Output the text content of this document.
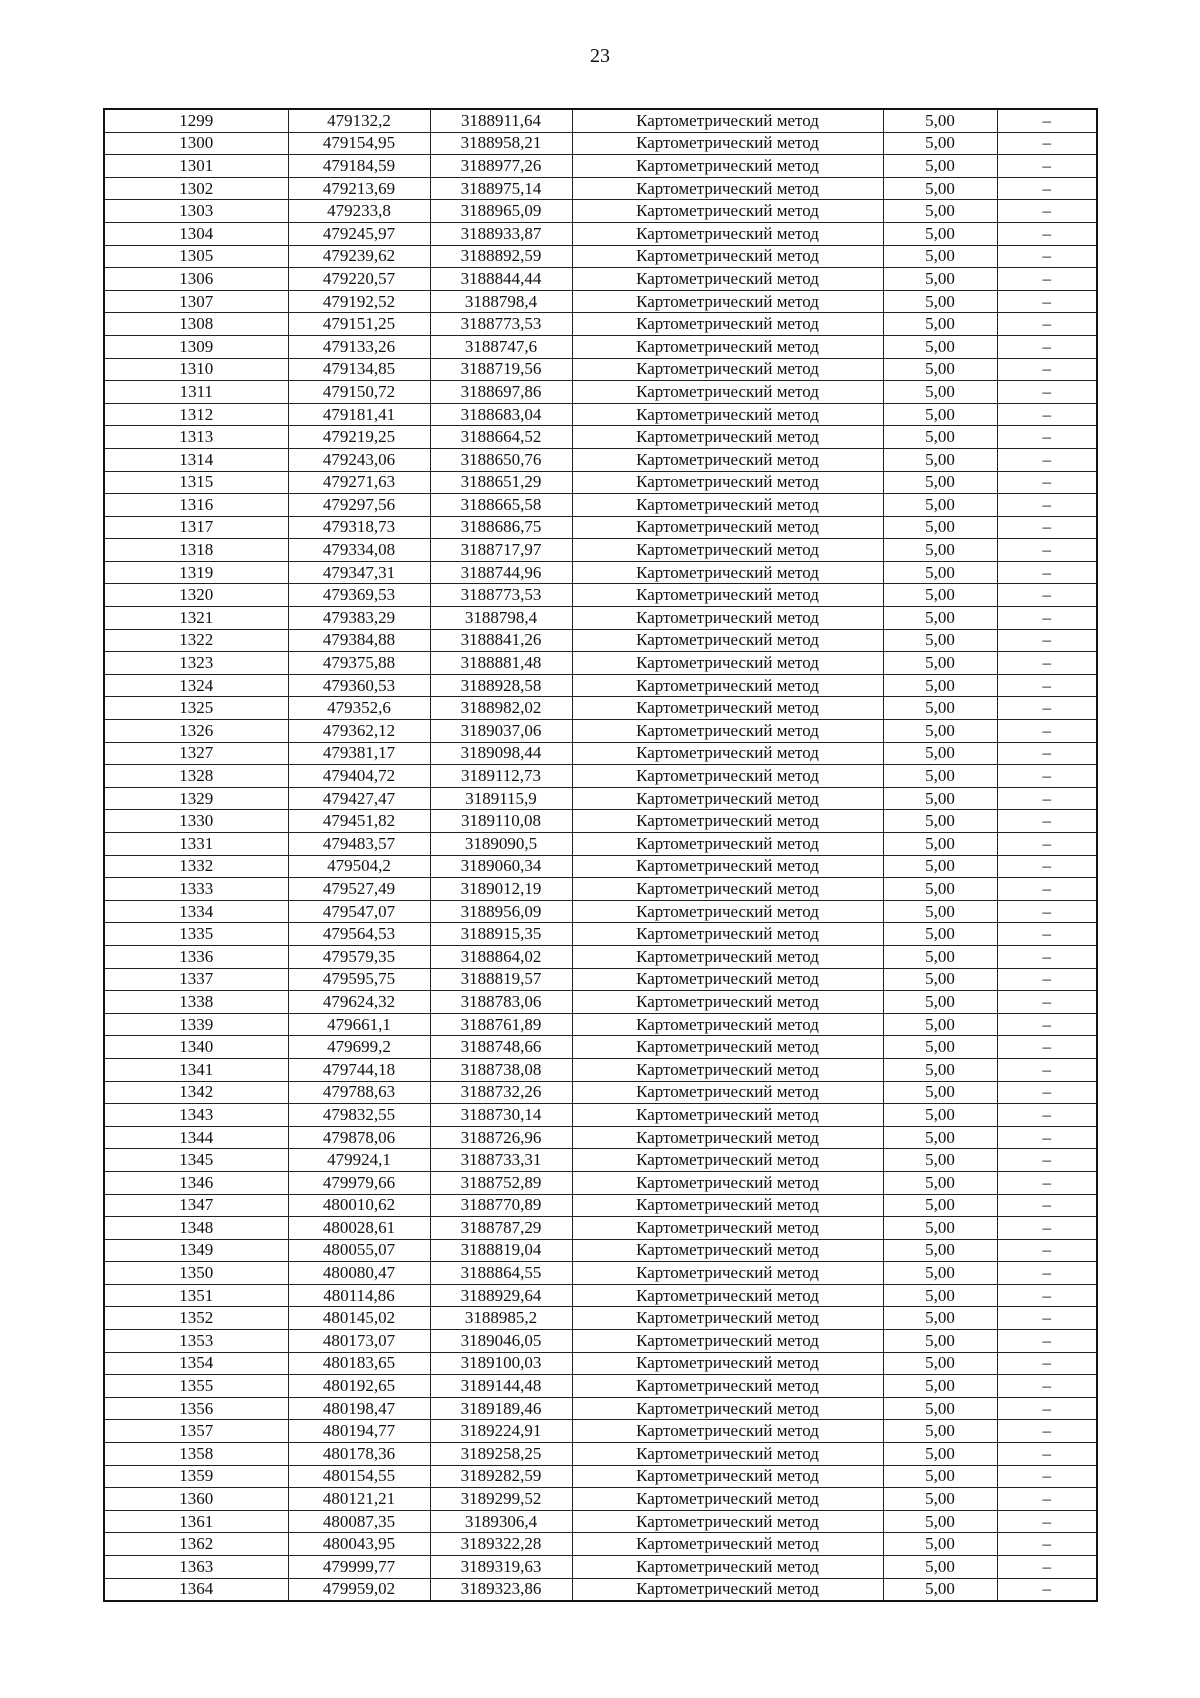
23
1299	479132,2	3188911,64	Картометрический метод	5,00	–
1300	479154,95	3188958,21	Картометрический метод	5,00	–
1301	479184,59	3188977,26	Картометрический метод	5,00	–
1302	479213,69	3188975,14	Картометрический метод	5,00	–
1303	479233,8	3188965,09	Картометрический метод	5,00	–
1304	479245,97	3188933,87	Картометрический метод	5,00	–
1305	479239,62	3188892,59	Картометрический метод	5,00	–
1306	479220,57	3188844,44	Картометрический метод	5,00	–
1307	479192,52	3188798,4	Картометрический метод	5,00	–
1308	479151,25	3188773,53	Картометрический метод	5,00	–
1309	479133,26	3188747,6	Картометрический метод	5,00	–
1310	479134,85	3188719,56	Картометрический метод	5,00	–
1311	479150,72	3188697,86	Картометрический метод	5,00	–
1312	479181,41	3188683,04	Картометрический метод	5,00	–
1313	479219,25	3188664,52	Картометрический метод	5,00	–
1314	479243,06	3188650,76	Картометрический метод	5,00	–
1315	479271,63	3188651,29	Картометрический метод	5,00	–
1316	479297,56	3188665,58	Картометрический метод	5,00	–
1317	479318,73	3188686,75	Картометрический метод	5,00	–
1318	479334,08	3188717,97	Картометрический метод	5,00	–
1319	479347,31	3188744,96	Картометрический метод	5,00	–
1320	479369,53	3188773,53	Картометрический метод	5,00	–
1321	479383,29	3188798,4	Картометрический метод	5,00	–
1322	479384,88	3188841,26	Картометрический метод	5,00	–
1323	479375,88	3188881,48	Картометрический метод	5,00	–
1324	479360,53	3188928,58	Картометрический метод	5,00	–
1325	479352,6	3188982,02	Картометрический метод	5,00	–
1326	479362,12	3189037,06	Картометрический метод	5,00	–
1327	479381,17	3189098,44	Картометрический метод	5,00	–
1328	479404,72	3189112,73	Картометрический метод	5,00	–
1329	479427,47	3189115,9	Картометрический метод	5,00	–
1330	479451,82	3189110,08	Картометрический метод	5,00	–
1331	479483,57	3189090,5	Картометрический метод	5,00	–
1332	479504,2	3189060,34	Картометрический метод	5,00	–
1333	479527,49	3189012,19	Картометрический метод	5,00	–
1334	479547,07	3188956,09	Картометрический метод	5,00	–
1335	479564,53	3188915,35	Картометрический метод	5,00	–
1336	479579,35	3188864,02	Картометрический метод	5,00	–
1337	479595,75	3188819,57	Картометрический метод	5,00	–
1338	479624,32	3188783,06	Картометрический метод	5,00	–
1339	479661,1	3188761,89	Картометрический метод	5,00	–
1340	479699,2	3188748,66	Картометрический метод	5,00	–
1341	479744,18	3188738,08	Картометрический метод	5,00	–
1342	479788,63	3188732,26	Картометрический метод	5,00	–
1343	479832,55	3188730,14	Картометрический метод	5,00	–
1344	479878,06	3188726,96	Картометрический метод	5,00	–
1345	479924,1	3188733,31	Картометрический метод	5,00	–
1346	479979,66	3188752,89	Картометрический метод	5,00	–
1347	480010,62	3188770,89	Картометрический метод	5,00	–
1348	480028,61	3188787,29	Картометрический метод	5,00	–
1349	480055,07	3188819,04	Картометрический метод	5,00	–
1350	480080,47	3188864,55	Картометрический метод	5,00	–
1351	480114,86	3188929,64	Картометрический метод	5,00	–
1352	480145,02	3188985,2	Картометрический метод	5,00	–
1353	480173,07	3189046,05	Картометрический метод	5,00	–
1354	480183,65	3189100,03	Картометрический метод	5,00	–
1355	480192,65	3189144,48	Картометрический метод	5,00	–
1356	480198,47	3189189,46	Картометрический метод	5,00	–
1357	480194,77	3189224,91	Картометрический метод	5,00	–
1358	480178,36	3189258,25	Картометрический метод	5,00	–
1359	480154,55	3189282,59	Картометрический метод	5,00	–
1360	480121,21	3189299,52	Картометрический метод	5,00	–
1361	480087,35	3189306,4	Картометрический метод	5,00	–
1362	480043,95	3189322,28	Картометрический метод	5,00	–
1363	479999,77	3189319,63	Картометрический метод	5,00	–
1364	479959,02	3189323,86	Картометрический метод	5,00	–
